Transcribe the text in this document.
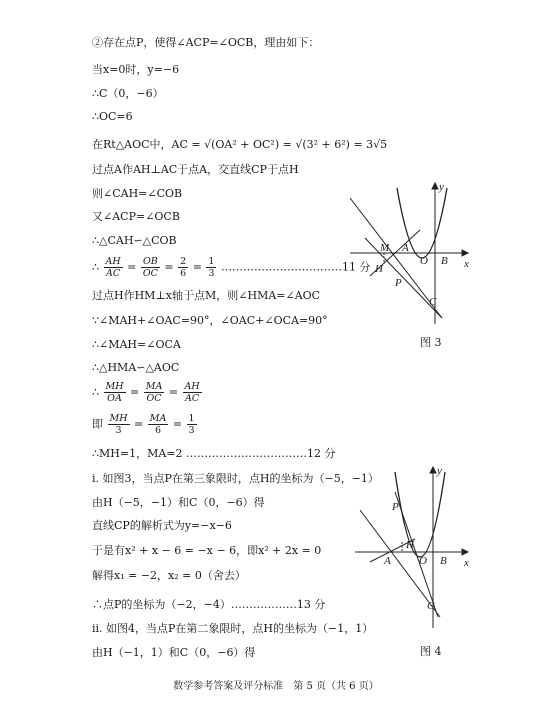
②存在点P，使得∠ACP=∠OCB，理由如下：
当x=0时，y=−6
∴C（0，−6）
∴OC=6
在Rt△AOC中，AC = √(OA² + OC²) = √(3² + 6²) = 3√5
过点A作AH⊥AC于点A，交直线CP于点H
则∠CAH=∠COB
又∠ACP=∠OCB
∴△CAH∽△COB
∴ $\frac{AH}{AC} = \frac{OB}{OC} = \frac{2}{6} = \frac{1}{3}$ ……………………………11 分
过点H作HM⊥x轴于点M，则∠HMA=∠AOC
∵∠MAH+∠OAC=90°，∠OAC+∠OCA=90°
∴∠MAH=∠OCA
∴△HMA∽△AOC
∴ $\frac{MH}{OA} = \frac{MA}{OC} = \frac{AH}{AC}$
即 $\frac{MH}{3} = \frac{MA}{6} = \frac{1}{3}$
∴MH=1，MA=2 ……………………………12 分
i. 如图3，当点P在第三象限时，点H的坐标为（−5，−1）
由H（−5，−1）和C（0，−6）得
直线CP的解析式为y=−x−6
于是有x² + x − 6 = −x − 6，即x² + 2x = 0
解得x₁ = −2，x₂ = 0（舍去）
∴点P的坐标为（−2，−4）………………13 分
ii. 如图4，当点P在第二象限时，点H的坐标为（−1，1）
由H（−1，1）和C（0，−6）得
y
x
M A
O B
H
P
C
图 3
y
x
P
H
A	O B
C
图 4
数学参考答案及评分标准　第 5 页（共 6 页）
